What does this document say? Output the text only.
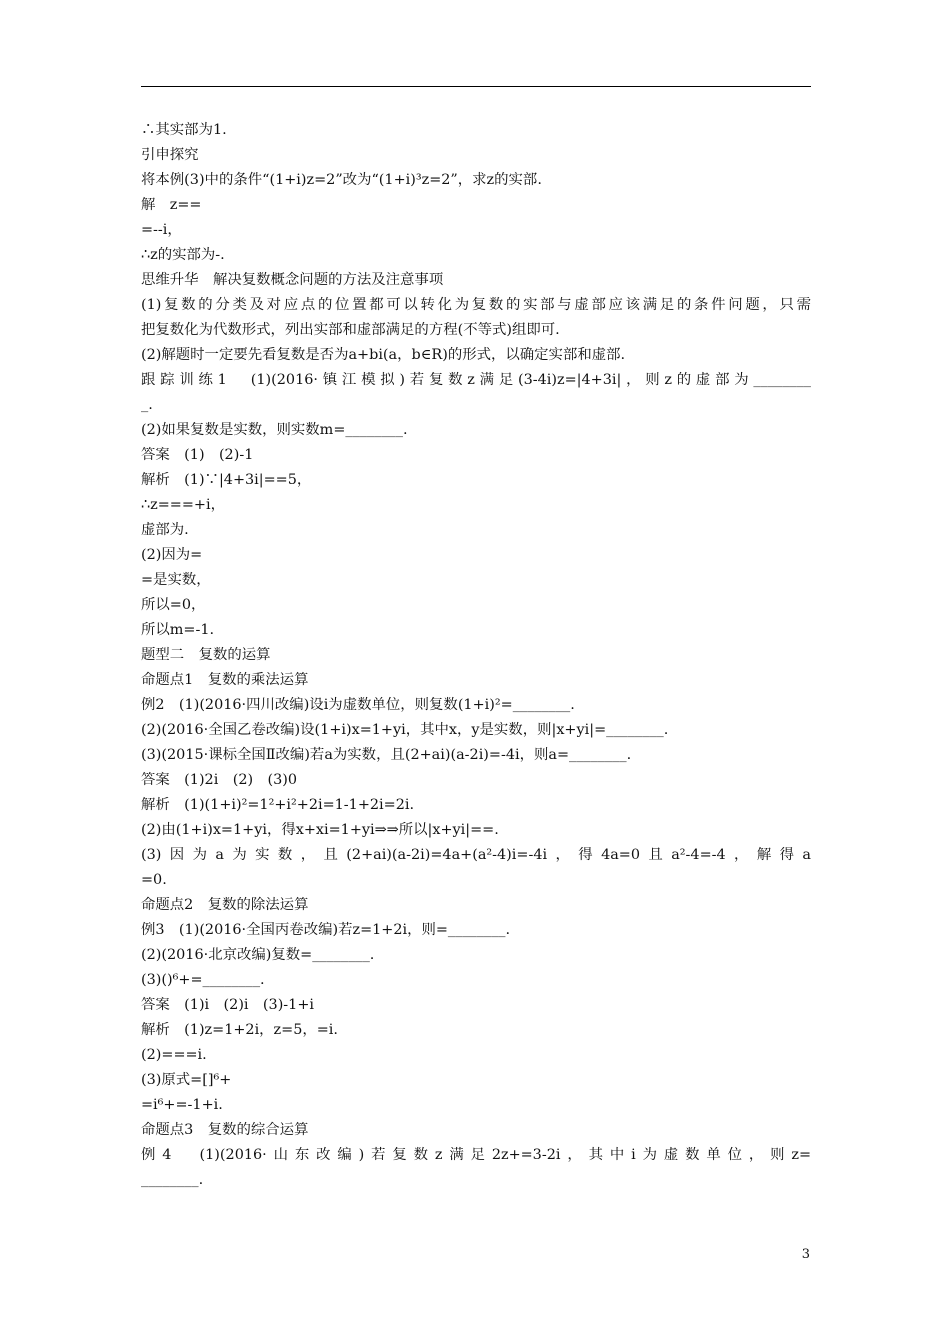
∴其实部为1.
引申探究
将本例(3)中的条件“(1+i)z=2”改为“(1+i)³z=2”，求z的实部.
解　z==
=--i，
∴z的实部为-.
思维升华　解决复数概念问题的方法及注意事项
(1)复数的分类及对应点的位置都可以转化为复数的实部与虚部应该满足的条件问题，只需
把复数化为代数形式，列出实部和虚部满足的方程(不等式)组即可.
(2)解题时一定要先看复数是否为a+bi(a，b∈R)的形式，以确定实部和虚部.
跟踪训练1　(1)(2016·镇江模拟)若复数z满足(3-4i)z=|4+3i|，则z的虚部为________
_.
(2)如果复数是实数，则实数m=________.
答案　(1)　(2)-1
解析　(1)∵|4+3i|==5，
∴z===+i，
虚部为.
(2)因为=
=是实数，
所以=0，
所以m=-1.
题型二　复数的运算
命题点1　复数的乘法运算
例2　(1)(2016·四川改编)设i为虚数单位，则复数(1+i)²=________.
(2)(2016·全国乙卷改编)设(1+i)x=1+yi，其中x，y是实数，则|x+yi|=________.
(3)(2015·课标全国Ⅱ改编)若a为实数，且(2+ai)(a-2i)=-4i，则a=________.
答案　(1)2i　(2)　(3)0
解析　(1)(1+i)²=1²+i²+2i=1-1+2i=2i.
(2)由(1+i)x=1+yi，得x+xi=1+yi⇒⇒所以|x+yi|==.
(3)因为a为实数，且(2+ai)(a-2i)=4a+(a²-4)i=-4i，得4a=0且a²-4=-4，解得a
=0.
命题点2　复数的除法运算
例3　(1)(2016·全国丙卷改编)若z=1+2i，则=________.
(2)(2016·北京改编)复数=________.
(3)()⁶+=________.
答案　(1)i　(2)i　(3)-1+i
解析　(1)z=1+2i，z=5，=i.
(2)===i.
(3)原式=[]⁶+
=i⁶+=-1+i.
命题点3　复数的综合运算
例4　(1)(2016·山东改编)若复数z满足2z+=3-2i，其中i为虚数单位，则z=
________.
3
